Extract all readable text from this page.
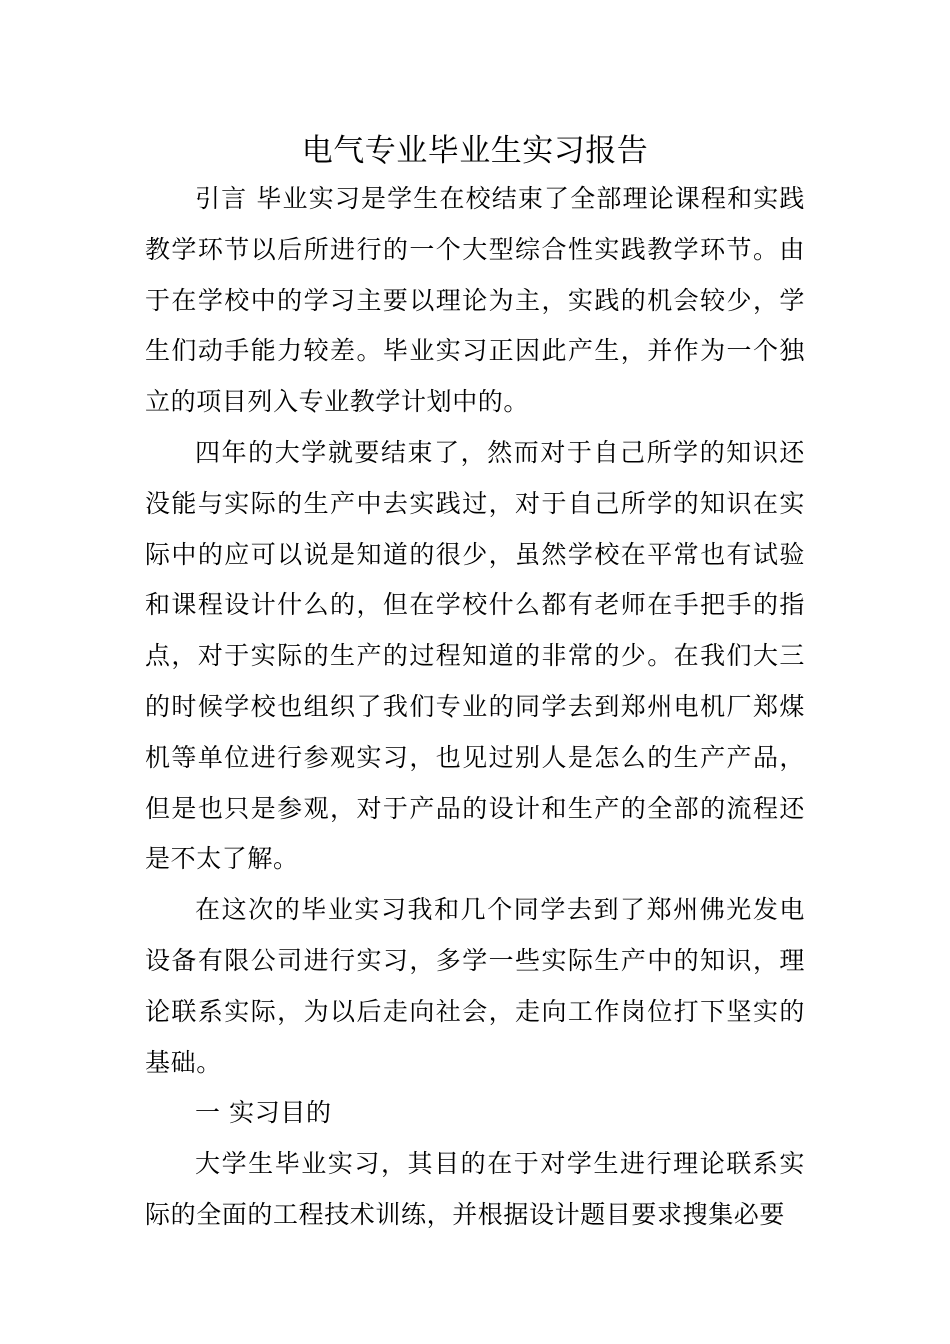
电气专业毕业生实习报告

引言 毕业实习是学生在校结束了全部理论课程和实践教学环节以后所进行的一个大型综合性实践教学环节。由于在学校中的学习主要以理论为主，实践的机会较少，学生们动手能力较差。毕业实习正因此产生，并作为一个独立的项目列入专业教学计划中的。

四年的大学就要结束了，然而对于自己所学的知识还没能与实际的生产中去实践过，对于自己所学的知识在实际中的应可以说是知道的很少，虽然学校在平常也有试验和课程设计什么的，但在学校什么都有老师在手把手的指点，对于实际的生产的过程知道的非常的少。在我们大三的时候学校也组织了我们专业的同学去到郑州电机厂郑煤机等单位进行参观实习，也见过别人是怎么的生产产品，但是也只是参观，对于产品的设计和生产的全部的流程还是不太了解。

在这次的毕业实习我和几个同学去到了郑州佛光发电设备有限公司进行实习，多学一些实际生产中的知识，理论联系实际，为以后走向社会，走向工作岗位打下坚实的基础。

一 实习目的

大学生毕业实习，其目的在于对学生进行理论联系实际的全面的工程技术训练，并根据设计题目要求搜集必要
